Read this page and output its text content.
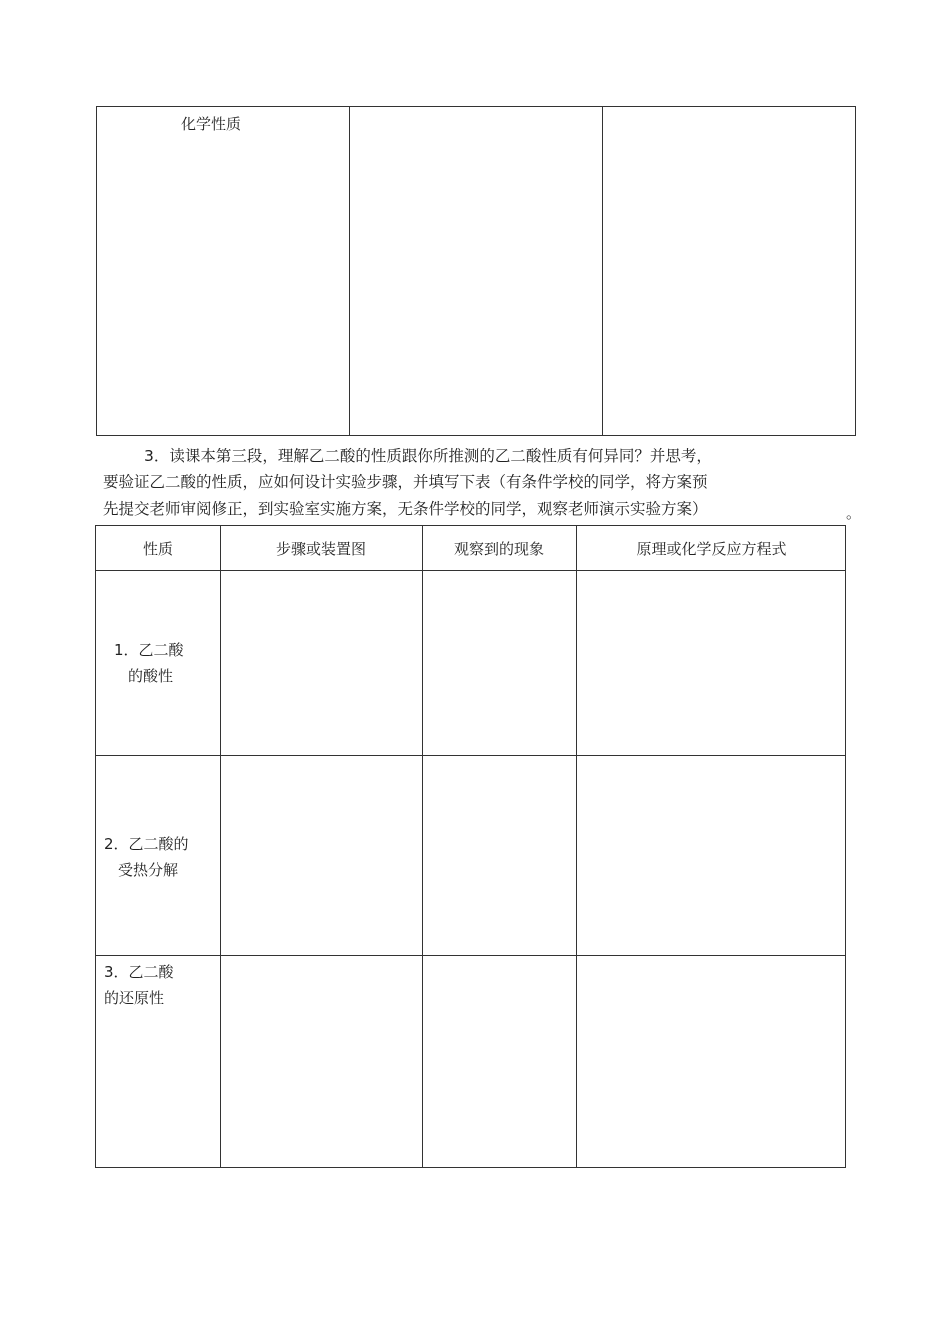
化学性质
3．读课本第三段，理解乙二酸的性质跟你所推测的乙二酸性质有何异同？并思考，
要验证乙二酸的性质，应如何设计实验步骤，并填写下表（有条件学校的同学，将方案预
先提交老师审阅修正，到实验室实施方案，无条件学校的同学，观察老师演示实验方案）	。
性质	步骤或装置图	观察到的现象	原理或化学反应方程式
1．乙二酸
的酸性
2．乙二酸的
受热分解
3．乙二酸
的还原性
